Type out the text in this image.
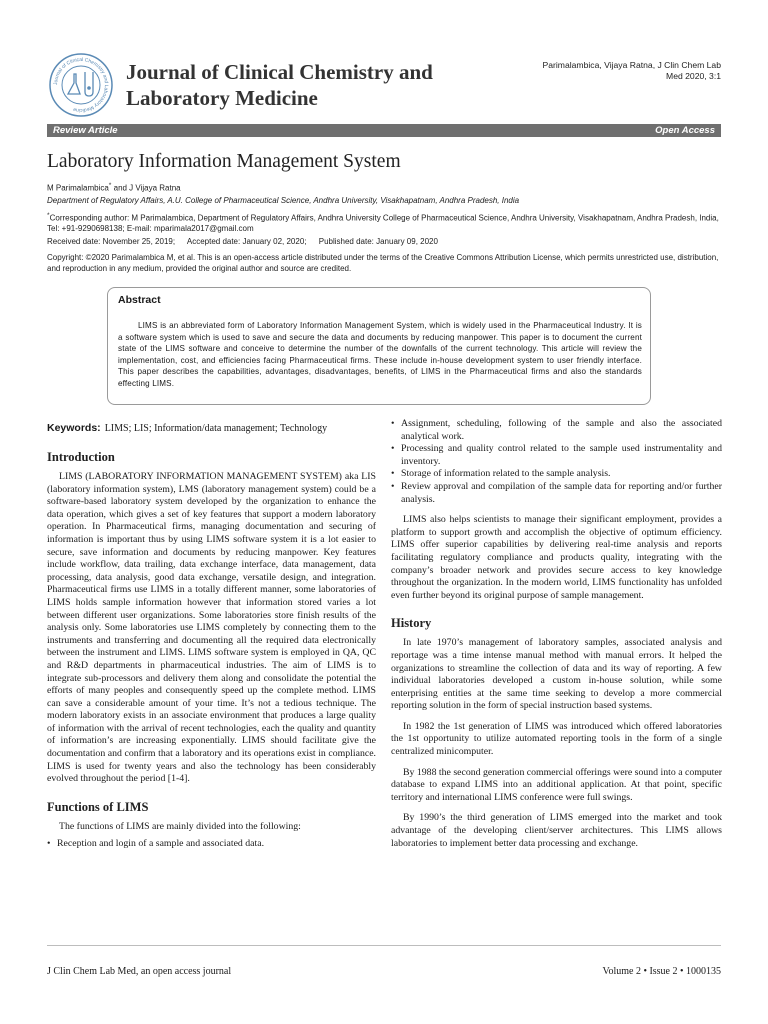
Journal of Clinical Chemistry and Laboratory Medicine
Journal of Clinical Chemistry and
Laboratory Medicine
Parimalambica, Vijaya Ratna, J Clin Chem Lab
Med 2020, 3:1
Review Article	Open Access
Laboratory Information Management System
M Parimalambica* and J Vijaya Ratna
Department of Regulatory Affairs, A.U. College of Pharmaceutical Science, Andhra University, Visakhapatnam, Andhra Pradesh, India
*Corresponding author: M Parimalambica, Department of Regulatory Affairs, Andhra University College of Pharmaceutical Science, Andhra University, Visakhapatnam, Andhra Pradesh, India, Tel: +91-9290698138; E-mail: mparimala2017@gmail.com
Received date: November 25, 2019; Accepted date: January 02, 2020; Published date: January 09, 2020
Copyright: ©2020 Parimalambica M, et al. This is an open-access article distributed under the terms of the Creative Commons Attribution License, which permits unrestricted use, distribution, and reproduction in any medium, provided the original author and source are credited.
Abstract
LIMS is an abbreviated form of Laboratory Information Management System, which is widely used in the Pharmaceutical Industry. It is a software system which is used to save and secure the data and documents by reducing manpower. This paper is to document the current state of the LIMS software and conceive to determine the number of the downfalls of the current technology. This article will review the implementation, cost, and efficiencies facing Pharmaceutical firms. These include in-house development system to user friendly interface. This paper describes the capabilities, advantages, disadvantages, benefits, of LIMS in the Pharmaceutical firms and also the standards effecting LIMS.
Keywords: LIMS; LIS; Information/data management; Technology
Introduction

LIMS (LABORATORY INFORMATION MANAGEMENT SYSTEM) aka LIS (laboratory information system), LMS (laboratory management system) could be a software-based laboratory system developed by the organization to enhance the data operation, which gives a set of key features that support a modern laboratory operation. In Pharmaceutical firms, managing documentation and securing of information is important thus by using LIMS software system it is a lot easier to secure, save information and documents by reducing manpower. Key features include workflow, data trailing, data exchange interface, data management, data processing, data analysis, good data exchange, versatile design, and integration. Pharmaceutical firms use LIMS in a totally different manner, some laboratories of LIMS holds sample information however that information stored varies a lot between different user organizations. Some laboratories store finish results of the analysis only. Some laboratories use LIMS completely by connecting them to the instruments and transferring and documenting all the required data electronically between the instrument and LIMS. LIMS software system is employed in QA, QC and R&D departments in pharmaceutical industries. The aim of LIMS is to integrate sub-processors and delivery them along and consolidate the potential the efforts of many peoples and consequently speed up the complete method. LIMS can save a considerable amount of your time. It’s not a tedious technique. The modern laboratory exists in an associate environment that produces a large quality of information with the arrival of recent technologies, each the quality and quantity of information’s are increasing exponentially. LIMS should facilitate give the documentation and confirm that a laboratory and its operations exist in compliance. LIMS is used for twenty years and also the technology has been considerably evolved throughout the period [1-4].

Functions of LIMS

The functions of LIMS are mainly divided into the following:

• Reception and login of a sample and associated data.
• Assignment, scheduling, following of the sample and also the associated analytical work.
• Processing and quality control related to the sample used instrumentality and inventory.
• Storage of information related to the sample analysis.
• Review approval and compilation of the sample data for reporting and/or further analysis.

LIMS also helps scientists to manage their significant employment, provides a platform to support growth and accomplish the objective of optimum efficiency. LIMS offer superior capabilities by delivering real-time analysis and reports facilitating regulatory compliance and products quality, integrating with the company’s broader network and provides secure access to key knowledge throughout the organization. In the modern world, LIMS functionality has unfolded even further beyond its original purpose of sample management.

History

In late 1970’s management of laboratory samples, associated analysis and reportage was a time intense manual method with manual errors. It helped the organizations to streamline the collection of data and its way of reporting. A few individual laboratories developed a custom in-house solution, while some enterprising entities at the same time seeking to develop a more commercial reporting solution in the form of special instruction based systems.

In 1982 the 1st generation of LIMS was introduced which offered laboratories the 1st opportunity to utilize automated reporting tools in the form of a single centralized minicomputer.

By 1988 the second generation commercial offerings were sound into a computer database to expand LIMS into an additional application. At that point, specific territory and international LIMS conference were full swings.

By 1990’s the third generation of LIMS emerged into the market and took advantage of the developing client/server architectures. This LIMS allows laboratories to implement better data processing and exchange.

J Clin Chem Lab Med, an open access journal	Volume 2 • Issue 2 • 1000135
